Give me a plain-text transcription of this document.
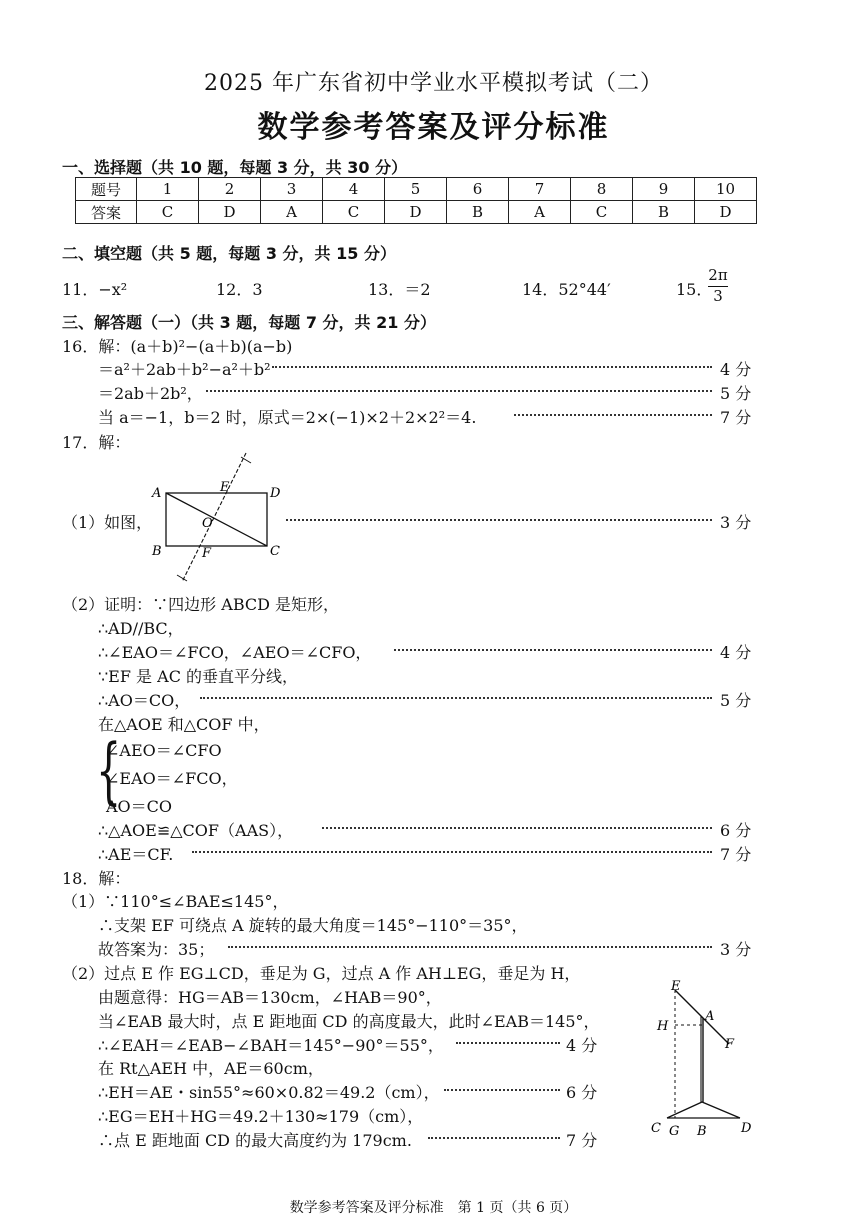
2025 年广东省初中学业水平模拟考试（二）
数学参考答案及评分标准
一、选择题（共 10 题，每题 3 分，共 30 分）
题号	1	2	3	4	5	6	7	8	9	10
答案	C	D	A	C	D	B	A	C	B	D
二、填空题（共 5 题，每题 3 分，共 15 分）
11．−x²	12．3	13．＝2	14．52°44′	15．
$\frac{2\pi}{3}$
三、解答题（一）（共 3 题，每题 7 分，共 21 分）
16．解：(a＋b)²−(a＋b)(a−b)
＝a²＋2ab＋b²−a²＋b²	4 分
＝2ab＋2b²，	5 分
当 a＝−1，b＝2 时，原式＝2×(−1)×2＋2×2²＝4.	7 分
17．解：
A	D
B	C
E
F
O
（1）如图，	3 分
（2）证明：∵四边形 ABCD 是矩形，
∴AD//BC，
∴∠EAO＝∠FCO，∠AEO＝∠CFO，	4 分
∵EF 是 AC 的垂直平分线，
∴AO＝CO，	5 分
在△AOE 和△COF 中，
{
∠AEO＝∠CFO
∠EAO＝∠FCO，
AO＝CO
∴△AOE≌△COF（AAS），	6 分
∴AE＝CF.	7 分
18．解：
（1）∵110°≤∠BAE≤145°，
∴支架 EF 可绕点 A 旋转的最大角度＝145°−110°＝35°，
故答案为：35；	3 分
（2）过点 E 作 EG⊥CD，垂足为 G，过点 A 作 AH⊥EG，垂足为 H，
由题意得：HG＝AB＝130cm，∠HAB＝90°，
当∠EAB 最大时，点 E 距地面 CD 的高度最大，此时∠EAB＝145°，
∴∠EAH＝∠EAB−∠BAH＝145°−90°＝55°，	4 分
在 Rt△AEH 中，AE＝60cm，
∴EH＝AE・sin55°≈60×0.82＝49.2（cm），	6 分
∴EG＝EH＋HG＝49.2＋130≈179（cm），
∴点 E 距地面 CD 的最大高度约为 179cm.	7 分
E
H
A
F
C G B	D
数学参考答案及评分标准　第 1 页（共 6 页）
